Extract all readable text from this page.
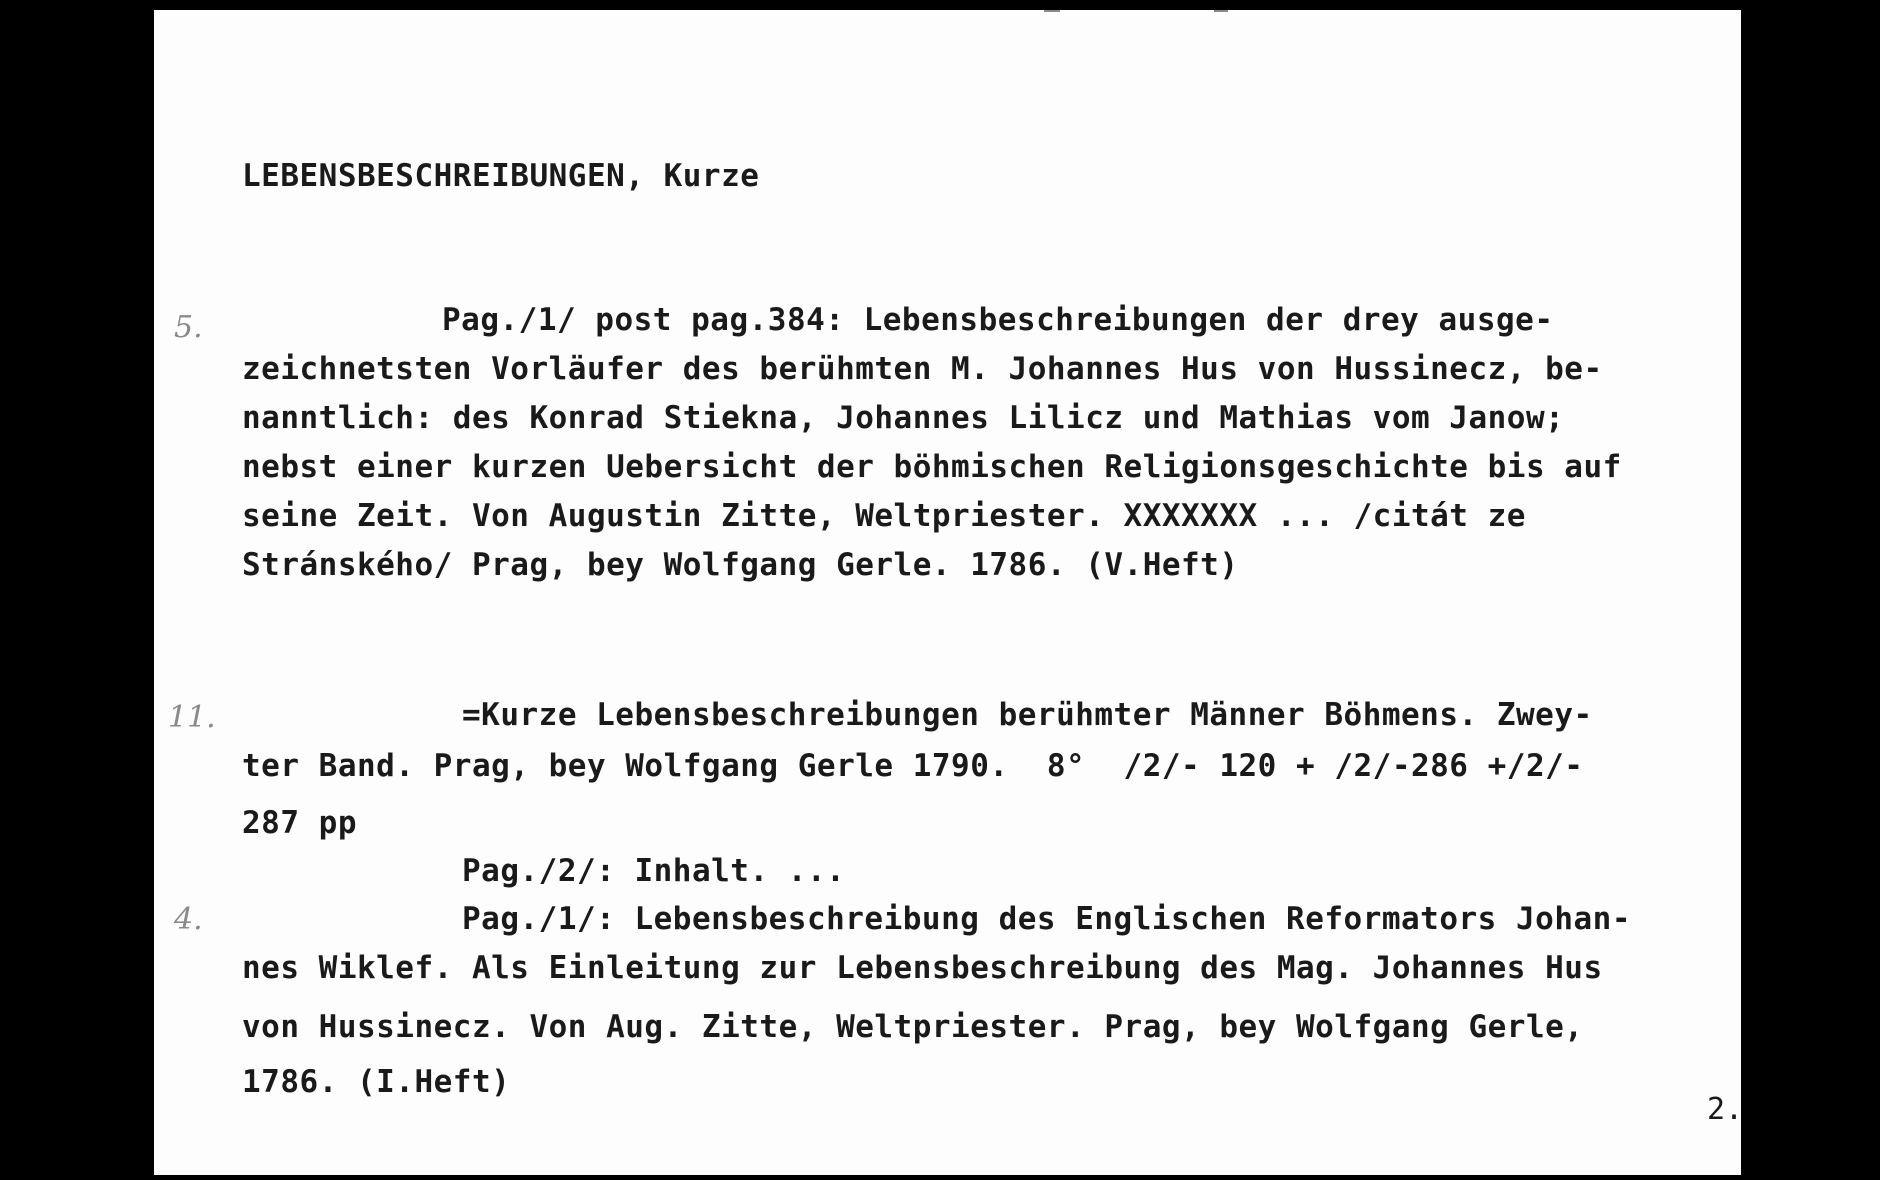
LEBENSBESCHREIBUNGEN, Kurze
5.	Pag./1/ post pag.384: Lebensbeschreibungen der drey ausge-
zeichnetsten Vorläufer des berühmten M. Johannes Hus von Hussinecz, be-
nanntlich: des Konrad Stiekna, Johannes Lilicz und Mathias vom Janow;
nebst einer kurzen Uebersicht der böhmischen Religionsgeschichte bis auf
seine Zeit. Von Augustin Zitte, Weltpriester. XXXXXXX ... /citát ze
Stránského/ Prag, bey Wolfgang Gerle. 1786. (V.Heft)
11.	=Kurze Lebensbeschreibungen berühmter Männer Böhmens. Zwey-
ter Band. Prag, bey Wolfgang Gerle 1790.  8°  /2/- 120 + /2/-286 +/2/-
287 pp
Pag./2/: Inhalt. ...
4.	Pag./1/: Lebensbeschreibung des Englischen Reformators Johan-
nes Wiklef. Als Einleitung zur Lebensbeschreibung des Mag. Johannes Hus
von Hussinecz. Von Aug. Zitte, Weltpriester. Prag, bey Wolfgang Gerle,
1786. (I.Heft)
2.
